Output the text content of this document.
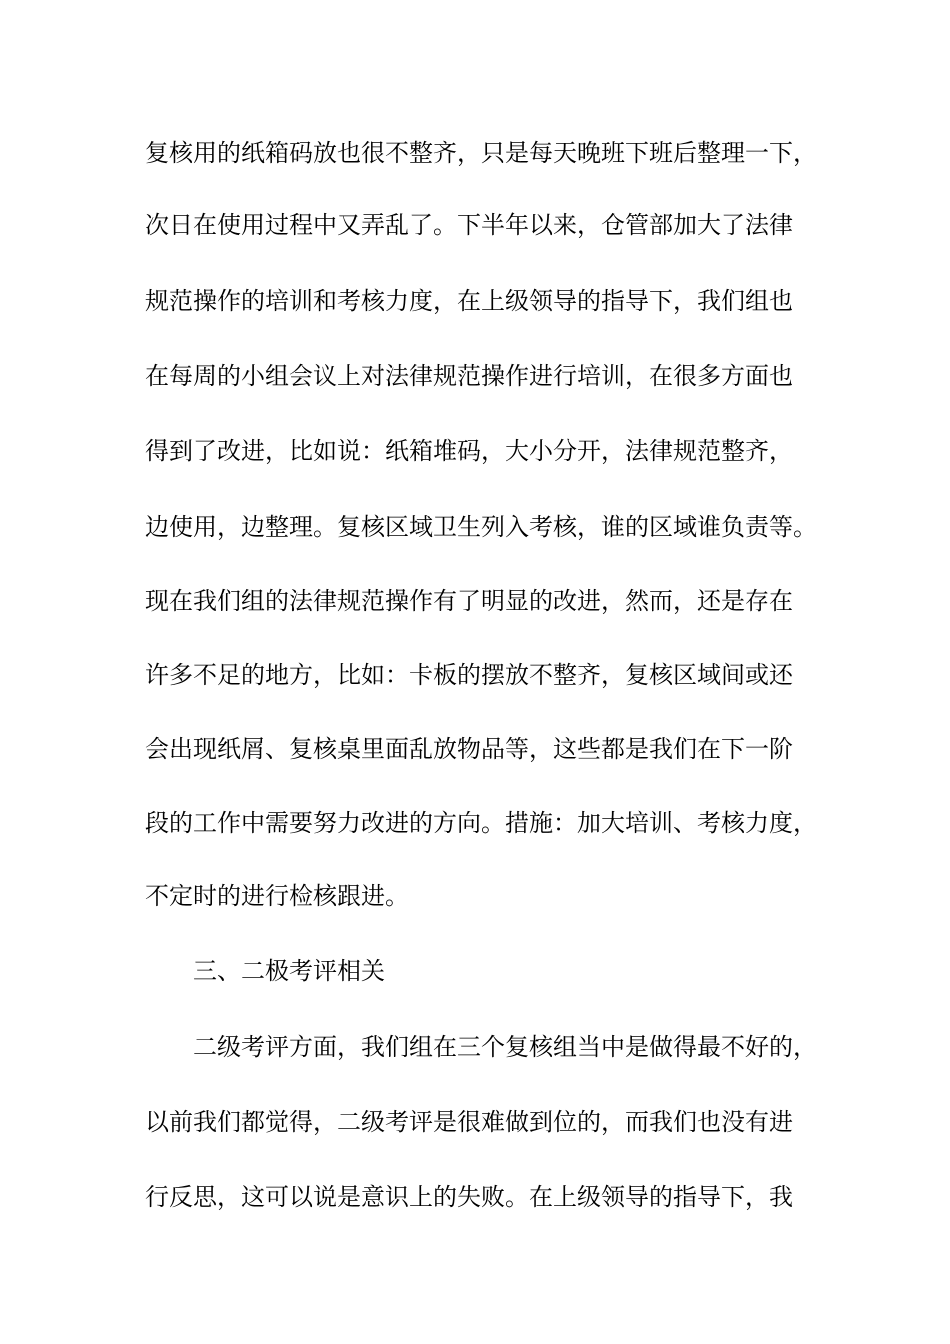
复核用的纸箱码放也很不整齐，只是每天晚班下班后整理一下，
次日在使用过程中又弄乱了。下半年以来，仓管部加大了法律
规范操作的培训和考核力度，在上级领导的指导下，我们组也
在每周的小组会议上对法律规范操作进行培训，在很多方面也
得到了改进，比如说：纸箱堆码，大小分开，法律规范整齐，
边使用，边整理。复核区域卫生列入考核，谁的区域谁负责等。
现在我们组的法律规范操作有了明显的改进，然而，还是存在
许多不足的地方，比如：卡板的摆放不整齐，复核区域间或还
会出现纸屑、复核桌里面乱放物品等，这些都是我们在下一阶
段的工作中需要努力改进的方向。措施：加大培训、考核力度，
不定时的进行检核跟进。
三、二极考评相关
二级考评方面，我们组在三个复核组当中是做得最不好的，
以前我们都觉得，二级考评是很难做到位的，而我们也没有进
行反思，这可以说是意识上的失败。在上级领导的指导下，我
